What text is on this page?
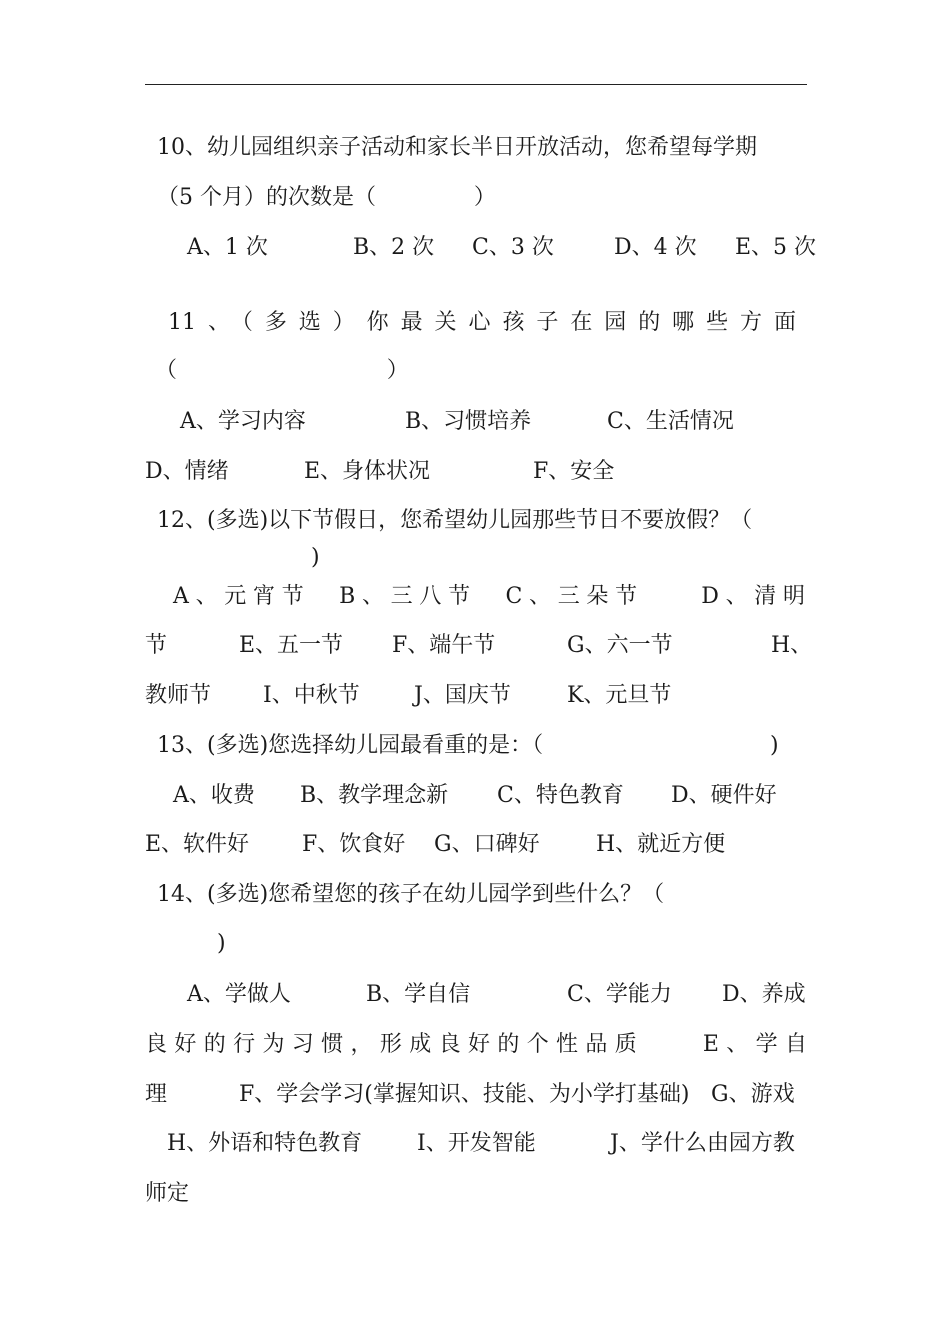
10、幼儿园组织亲子活动和家长半日开放活动，您希望每学期
（5 个月）的次数是（              ）
A、1 次	B、2 次 C、3 次	D、4 次 E、5 次
11、（多选）你最关心孩子在园的哪些方面
（                              ）
A、学习内容	B、习惯培养	C、生活情况
D、情绪	E、身体状况	F、安全
12、(多选)以下节假日，您希望幼儿园那些节日不要放假？（
)
A、元宵节　B、三八节　C、三朵节　　D、清明
节	E、五一节 F、端午节	G、六一节	H、
教师节 I、中秋节 J、国庆节	K、元旦节
13、(多选)您选择幼儿园最看重的是：（	)
A、收费 B、教学理念新 C、特色教育 D、硬件好
E、软件好 F、饮食好 G、口碑好	H、就近方便
14、(多选)您希望您的孩子在幼儿园学到些什么？（
)
A、学做人	B、学自信	C、学能力 D、养成
良好的行为习惯，形成良好的个性品质　　E、学自
理	F、学会学习(掌握知识、技能、为小学打基础) G、游戏
H、外语和特色教育 I、开发智能	J、学什么由园方教
师定
